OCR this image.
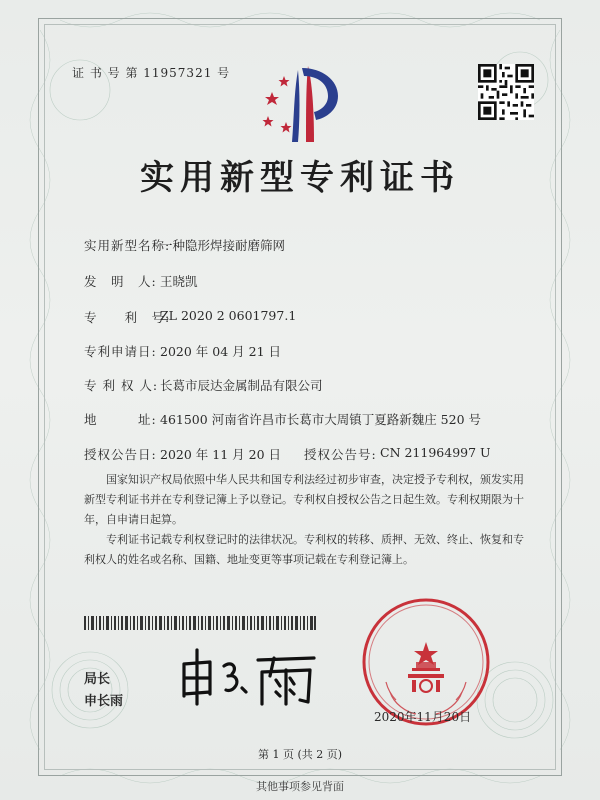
证 书 号 第 11957321 号
实用新型专利证书
实用新型名称:
一种隐形焊接耐磨筛网
发　明　人: 王晓凯
专　　利　号:
ZL 2020 2 0601797.1
专利申请日: 2020 年 04 月 21 日
专 利 权 人: 长葛市辰达金属制品有限公司
地　　　址: 461500 河南省许昌市长葛市大周镇丁夏路新魏庄 520 号
授权公告日: 2020 年 11 月 20 日 授权公告号: CN 211964997 U
国家知识产权局依照中华人民共和国专利法经过初步审查，决定授予专利权，颁发实用新型专利证书并在专利登记簿上予以登记。专利权自授权公告之日起生效。专利权期限为十年，自申请日起算。
专利证书记载专利权登记时的法律状况。专利权的转移、质押、无效、终止、恢复和专利权人的姓名或名称、国籍、地址变更等事项记载在专利登记簿上。
局长
申长雨
2020年11月20日
第 1 页 (共 2 页)
其他事项参见背面
